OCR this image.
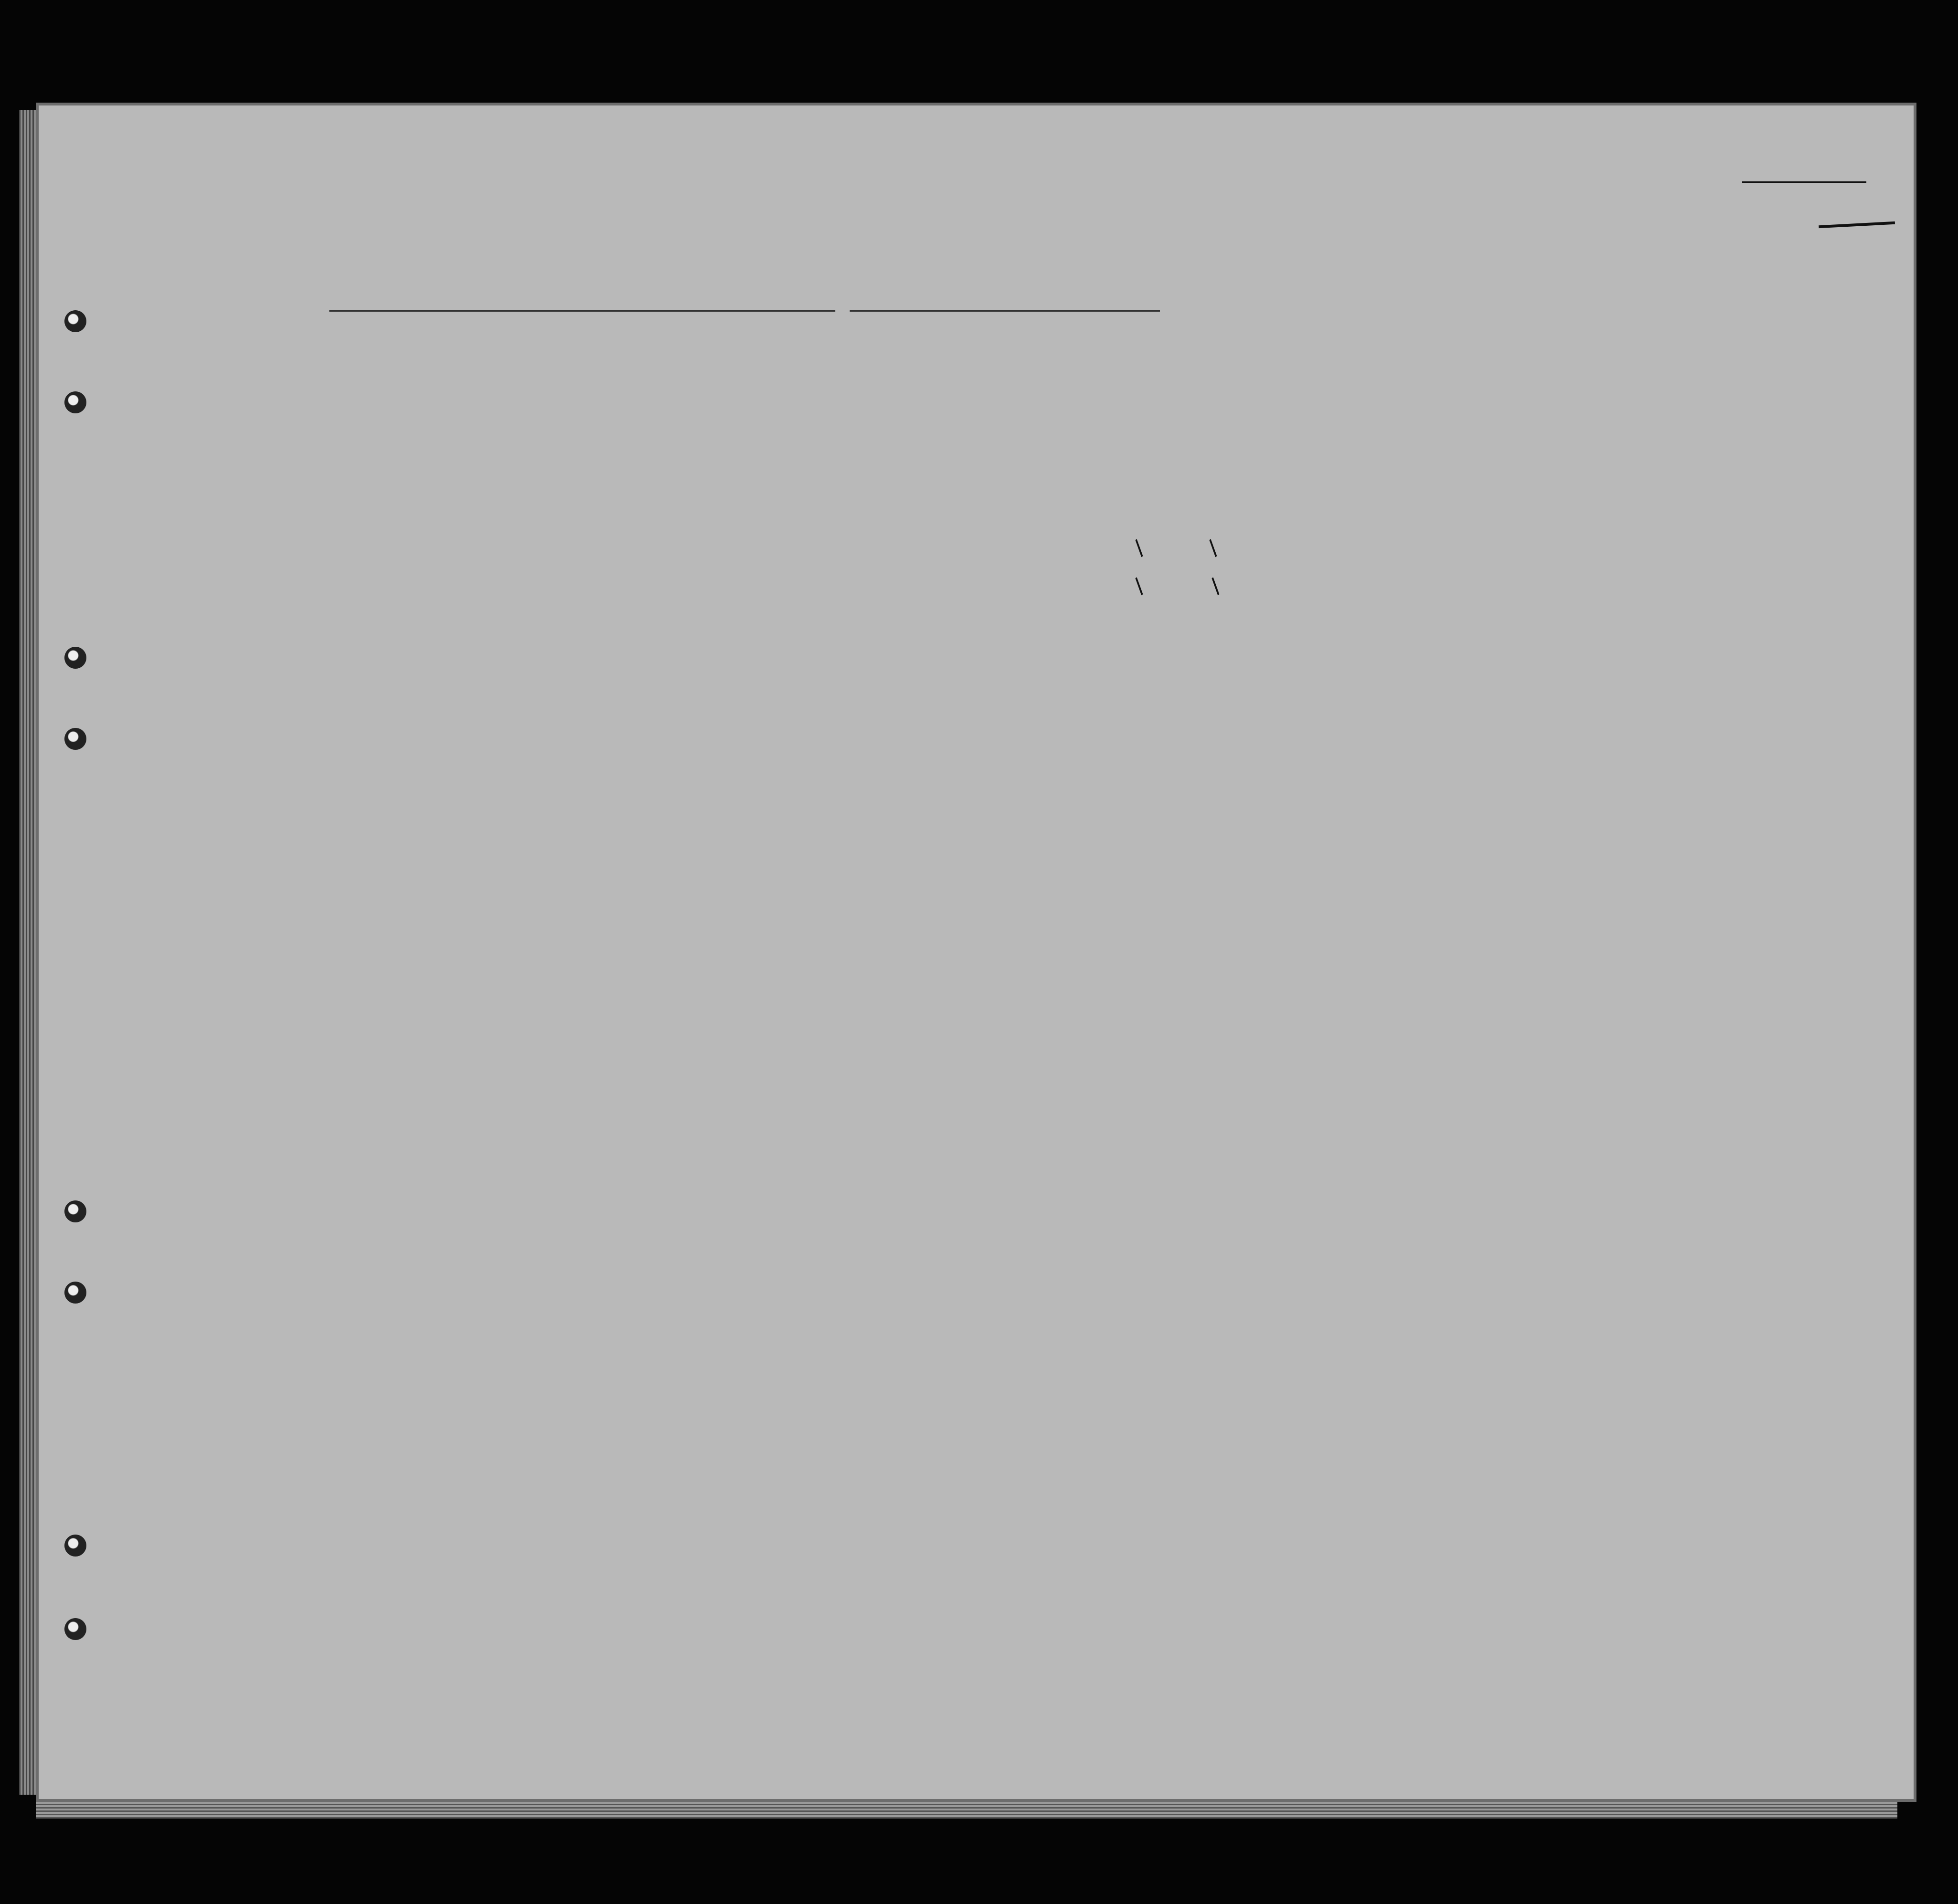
/ /
/ /
